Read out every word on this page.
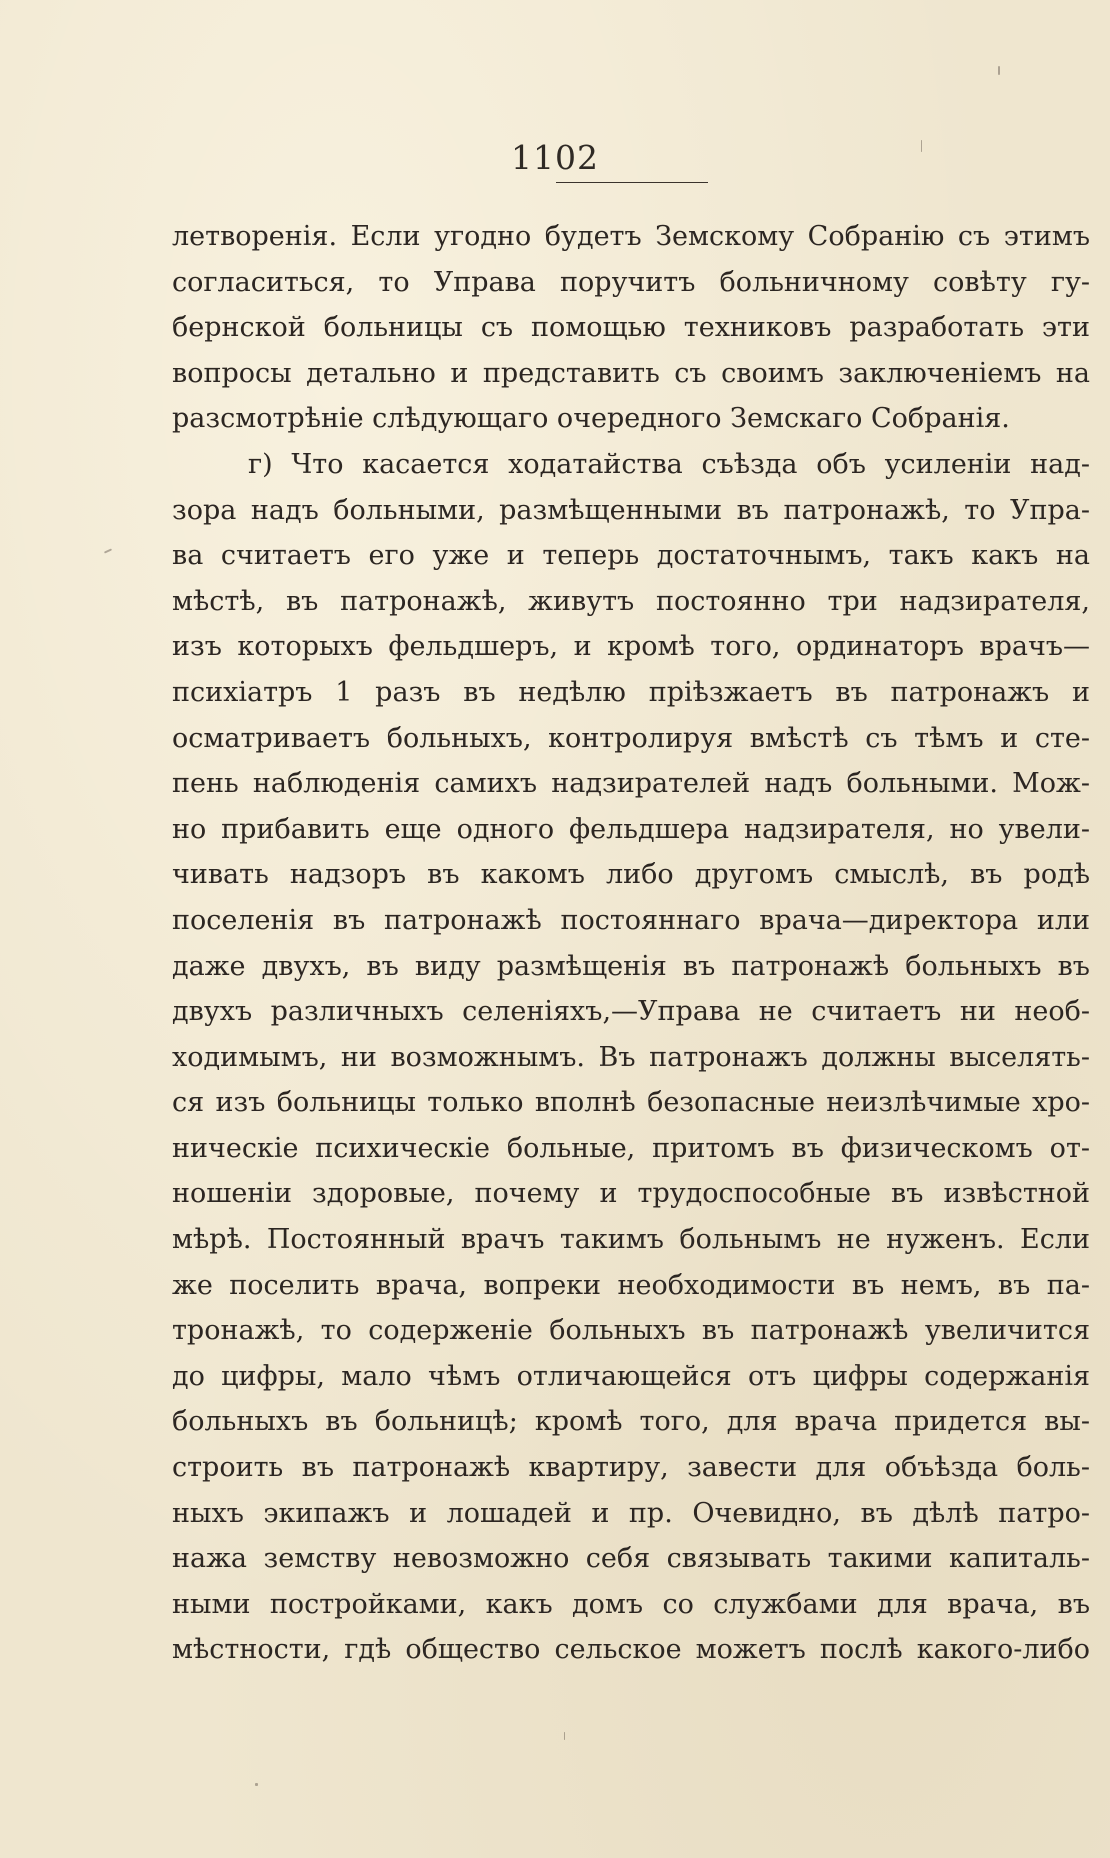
1102
летворенія. Если угодно будетъ Земскому Собранію съ этимъ
согласиться, то Управа поручитъ больничному совѣту гу-
бернской больницы съ помощью техниковъ разработать эти
вопросы детально и представить съ своимъ заключеніемъ на
разсмотрѣніе слѣдующаго очередного Земскаго Собранія.
г) Что касается ходатайства съѣзда объ усиленіи над-
зора надъ больными, размѣщенными въ патронажѣ, то Упра-
ва считаетъ его уже и теперь достаточнымъ, такъ какъ на
мѣстѣ, въ патронажѣ, живутъ постоянно три надзирателя,
изъ которыхъ фельдшеръ, и кромѣ того, ординаторъ врачъ—
психіатръ 1 разъ въ недѣлю пріѣзжаетъ въ патронажъ и
осматриваетъ больныхъ, контролируя вмѣстѣ съ тѣмъ и сте-
пень наблюденія самихъ надзирателей надъ больными. Мож-
но прибавить еще одного фельдшера надзирателя, но увели-
чивать надзоръ въ какомъ либо другомъ смыслѣ, въ родѣ
поселенія въ патронажѣ постояннаго врача—директора или
даже двухъ, въ виду размѣщенія въ патронажѣ больныхъ въ
двухъ различныхъ селеніяхъ,—Управа не считаетъ ни необ-
ходимымъ, ни возможнымъ. Въ патронажъ должны выселять-
ся изъ больницы только вполнѣ безопасные неизлѣчимые хро-
ническіе психическіе больные, притомъ въ физическомъ от-
ношеніи здоровые, почему и трудоспособные въ извѣстной
мѣрѣ. Постоянный врачъ такимъ больнымъ не нуженъ. Если
же поселить врача, вопреки необходимости въ немъ, въ па-
тронажѣ, то содерженіе больныхъ въ патронажѣ увеличится
до цифры, мало чѣмъ отличающейся отъ цифры содержанія
больныхъ въ больницѣ; кромѣ того, для врача придется вы-
строить въ патронажѣ квартиру, завести для объѣзда боль-
ныхъ экипажъ и лошадей и пр. Очевидно, въ дѣлѣ патро-
нажа земству невозможно себя связывать такими капиталь-
ными постройками, какъ домъ со службами для врача, въ
мѣстности, гдѣ общество сельское можетъ послѣ какого-либо
